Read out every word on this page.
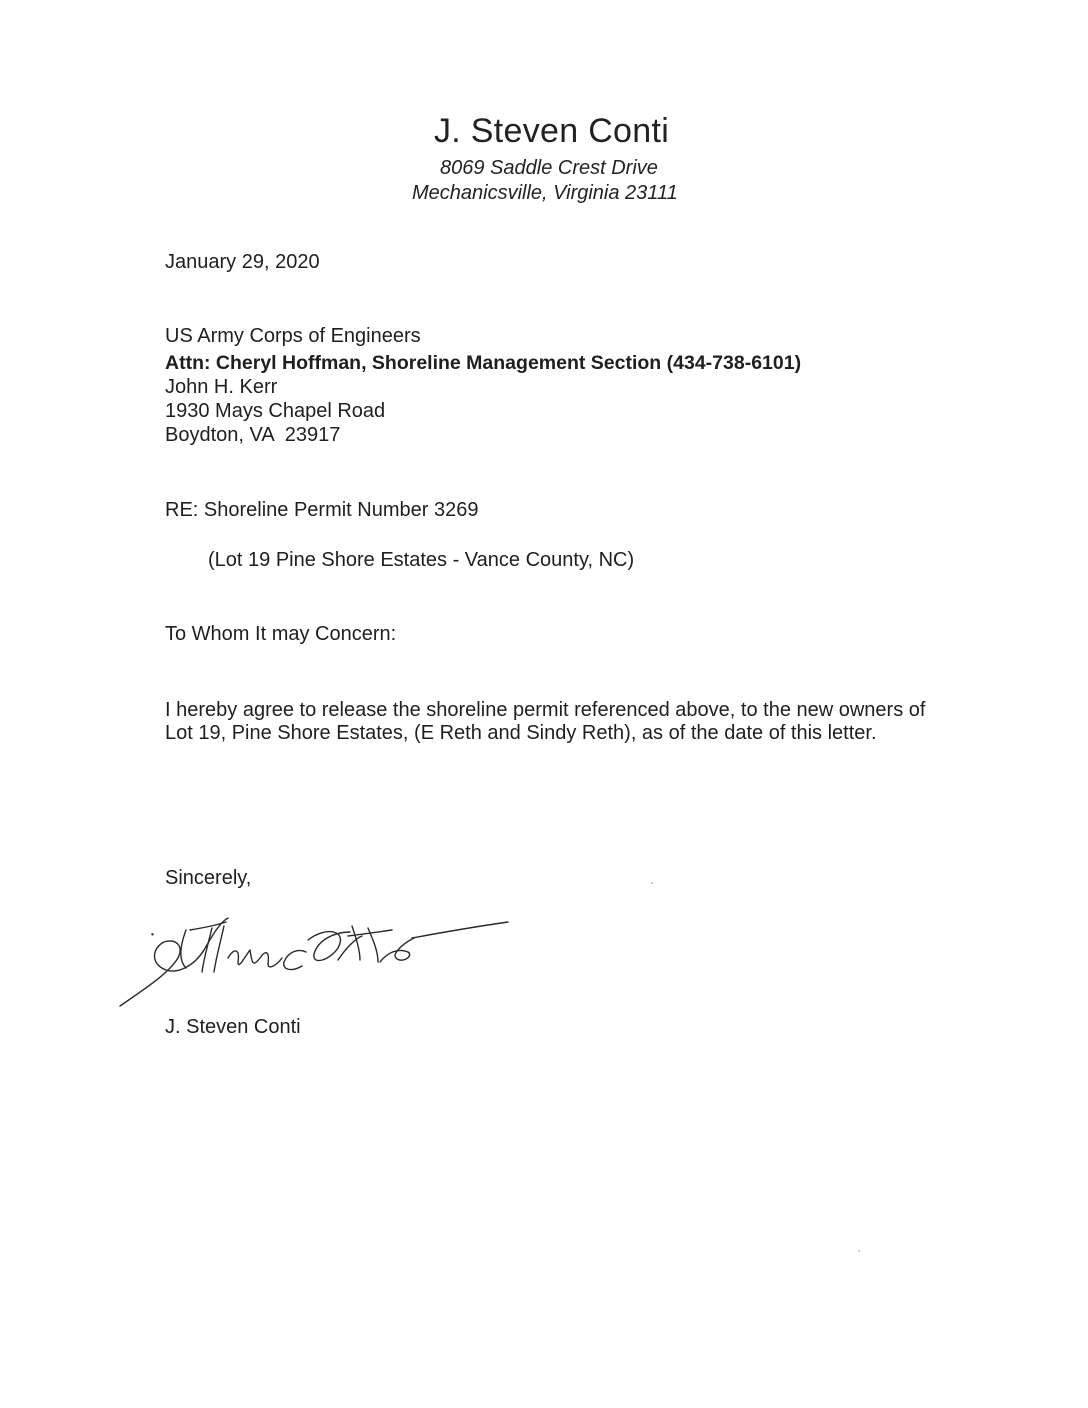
J. Steven Conti
8069 Saddle Crest Drive
Mechanicsville, Virginia 23111
January 29, 2020
US Army Corps of Engineers
Attn: Cheryl Hoffman, Shoreline Management Section (434-738-6101)
John H. Kerr
1930 Mays Chapel Road
Boydton, VA  23917
RE: Shoreline Permit Number 3269
(Lot 19 Pine Shore Estates - Vance County, NC)
To Whom It may Concern:
I hereby agree to release the shoreline permit referenced above, to the new owners of Lot 19, Pine Shore Estates, (E Reth and Sindy Reth), as of the date of this letter.
Sincerely,
J. Steven Conti
